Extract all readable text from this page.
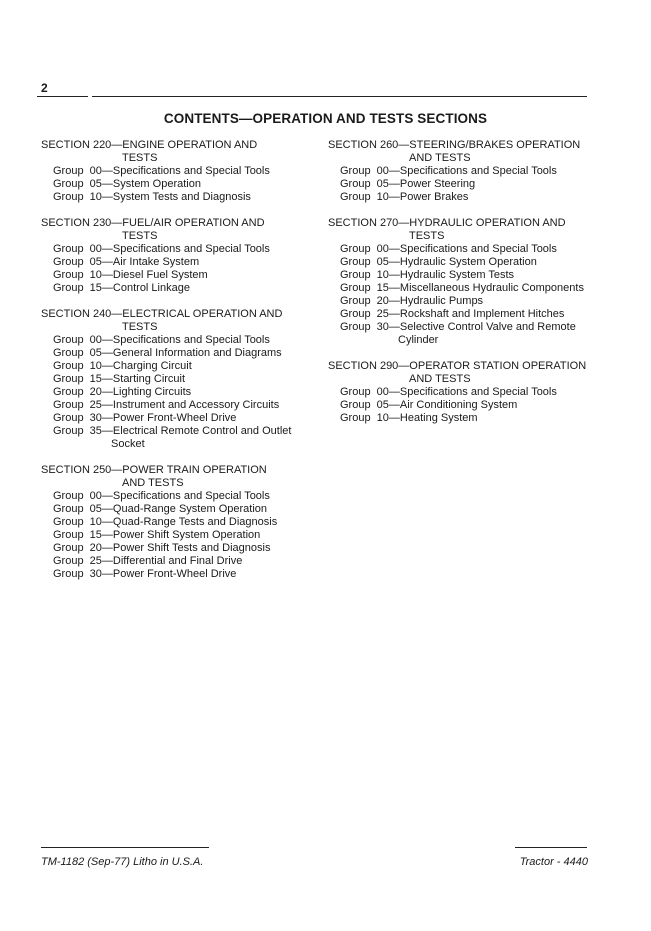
2
CONTENTS—OPERATION AND TESTS SECTIONS
SECTION 220—ENGINE OPERATION AND
TESTS
Group  00—Specifications and Special Tools
Group  05—System Operation
Group  10—System Tests and Diagnosis
SECTION 230—FUEL/AIR OPERATION AND
TESTS
Group  00—Specifications and Special Tools
Group  05—Air Intake System
Group  10—Diesel Fuel System
Group  15—Control Linkage
SECTION 240—ELECTRICAL OPERATION AND
TESTS
Group  00—Specifications and Special Tools
Group  05—General Information and Diagrams
Group  10—Charging Circuit
Group  15—Starting Circuit
Group  20—Lighting Circuits
Group  25—Instrument and Accessory Circuits
Group  30—Power Front-Wheel Drive
Group  35—Electrical Remote Control and Outlet
Socket
SECTION 250—POWER TRAIN OPERATION
AND TESTS
Group  00—Specifications and Special Tools
Group  05—Quad-Range System Operation
Group  10—Quad-Range Tests and Diagnosis
Group  15—Power Shift System Operation
Group  20—Power Shift Tests and Diagnosis
Group  25—Differential and Final Drive
Group  30—Power Front-Wheel Drive
SECTION 260—STEERING/BRAKES OPERATION
AND TESTS
Group  00—Specifications and Special Tools
Group  05—Power Steering
Group  10—Power Brakes
SECTION 270—HYDRAULIC OPERATION AND
TESTS
Group  00—Specifications and Special Tools
Group  05—Hydraulic System Operation
Group  10—Hydraulic System Tests
Group  15—Miscellaneous Hydraulic Components
Group  20—Hydraulic Pumps
Group  25—Rockshaft and Implement Hitches
Group  30—Selective Control Valve and Remote
Cylinder
SECTION 290—OPERATOR STATION OPERATION
AND TESTS
Group  00—Specifications and Special Tools
Group  05—Air Conditioning System
Group  10—Heating System
TM-1182 (Sep-77) Litho in U.S.A.	Tractor - 4440
